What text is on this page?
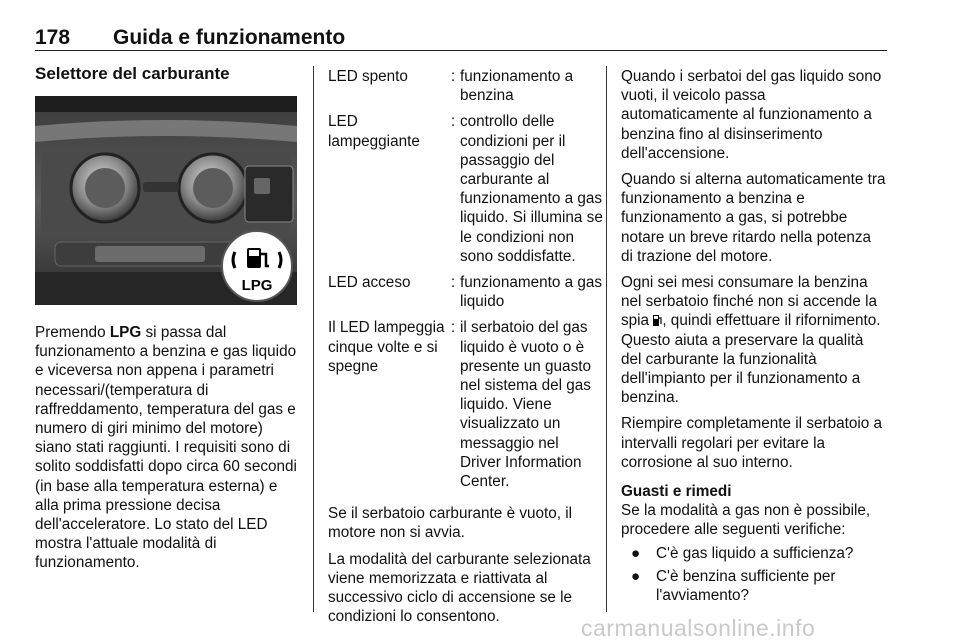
178 Guida e funzionamento
Selettore del carburante
LPG

Premendo LPG si passa dal funzionamento a benzina e gas liquido e viceversa non appena i parametri necessari/(temperatura di raffreddamento, temperatura del gas e numero di giri minimo del motore) siano stati raggiunti. I requisiti sono di solito soddisfatti dopo circa 60 secondi (in base alla temperatura esterna) e alla prima pressione decisa dell'acceleratore. Lo stato del LED mostra l'attuale modalità di funzionamento.

LED spento	:	funzionamento a benzina
LED lampeggiante	:	controllo delle condizioni per il passaggio del carburante al funzionamento a gas liquido. Si illumina se le condizioni non sono soddisfatte.
LED acceso	:	funzionamento a gas liquido
Il LED lampeggia cinque volte e si spegne	:	il serbatoio del gas liquido è vuoto o è presente un guasto nel sistema del gas liquido. Viene visualizzato un messaggio nel Driver Information Center.

Se il serbatoio carburante è vuoto, il motore non si avvia.

La modalità del carburante selezionata viene memorizzata e riattivata al successivo ciclo di accensione se le condizioni lo consentono.

Quando i serbatoi del gas liquido sono vuoti, il veicolo passa automaticamente al funzionamento a benzina fino al disinserimento dell'accensione.

Quando si alterna automaticamente tra funzionamento a benzina e funzionamento a gas, si potrebbe notare un breve ritardo nella potenza di trazione del motore.

Ogni sei mesi consumare la benzina nel serbatoio finché non si accende la spia , quindi effettuare il rifornimento. Questo aiuta a preservare la qualità del carburante la funzionalità dell'impianto per il funzionamento a benzina.

Riempire completamente il serbatoio a intervalli regolari per evitare la corrosione al suo interno.

Guasti e rimedi

Se la modalità a gas non è possibile, procedere alle seguenti verifiche:

● C'è gas liquido a sufficienza?
● C'è benzina sufficiente per l'avviamento?
carmanualsonline.info
